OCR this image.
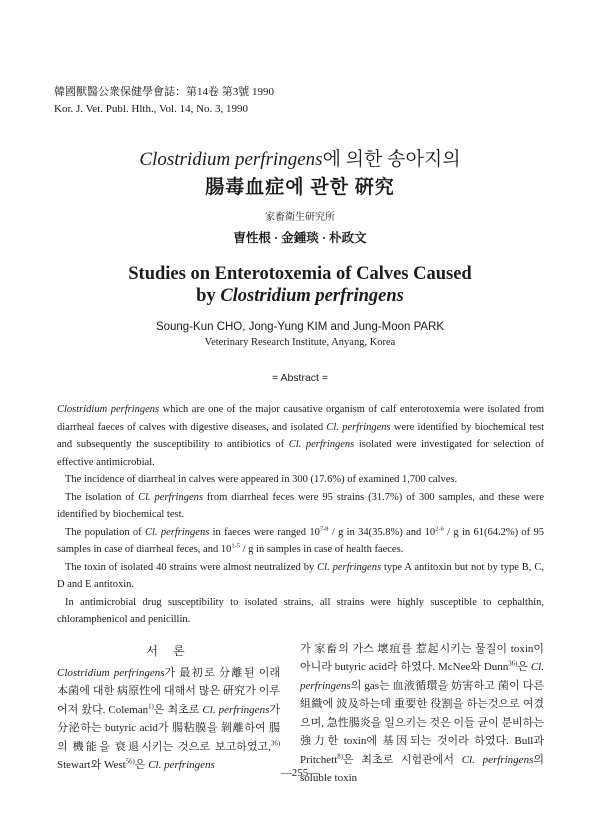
韓國獸醫公衆保健學會誌：第14卷 第3號 1990
Kor. J. Vet. Publ. Hlth., Vol. 14, No. 3, 1990
Clostridium perfringens에 의한 송아지의
腸毒血症에 관한 硏究
家畜衛生研究所
曺性根 · 金鍾琰 · 朴政文
Studies on Enterotoxemia of Calves Caused
by Clostridium perfringens
Soung-Kun CHO, Jong-Yung KIM and Jung-Moon PARK
Veterinary Research Institute, Anyang, Korea
= Abstract =

Clostridium perfringens which are one of the major causative organism of calf enterotoxemia were isolated from diarrheal faeces of calves with digestive diseases, and isolated Cl. perfringens were identified by biochemical test and subsequently the susceptibility to antibiotics of Cl. perfringens isolated were investigated for selection of effective antimicrobial.

The incidence of diarrheal in calves were appeared in 300 (17.6%) of examined 1,700 calves.

The isolation of Cl. perfringens from diarrheal feces were 95 strains (31.7%) of 300 samples, and these were identified by biochemical test.

The population of Cl. perfringens in faeces were ranged 10$^{7-8}$ / g in 34(35.8%) and 10$^{2-6}$ / g in 61(64.2%) of 95 samples in case of diarrheal feces, and 10$^{1-5}$ / g in samples in case of health faeces.

The toxin of isolated 40 strains were almost neutralized by Cl. perfringens type A antitoxin but not by type B, C, D and E antitoxin.

In antimicrobial drug susceptibility to isolated strains, all strains were highly susceptible to cephalthin, chloramphenicol and penicillin.

서 론

Clostridium perfringens가 最初로 分離된 이래 本菌에 대한 病原性에 대해서 많은 硏究가 이루어져 왔다. Coleman$^{1)}$은 최초로 Cl. perfringens가 分泌하는 butyric acid가 腸粘膜을 剝離하여 腸의 機能을 衰退시키는 것으로 보고하였고,$^{36)}$ Stewart와 West$^{56)}$은 Cl. perfringens

가 家畜의 가스 壞疽를 惹起시키는 물질이 toxin이 아니라 butyric acid라 하였다. McNee와 Dunn$^{36)}$은 Cl. perfringens의 gas는 血液循環을 妨害하고 菌이 다른 組織에 波及하는데 重要한 役割을 하는것으로 여겼으며, 急性腸炎을 일으키는 것은 이들 균이 분비하는 強力한 toxin에 基因되는 것이라 하였다. Bull과 Pritchett$^{8)}$은 최초로 시험관에서 Cl. perfringens의 soluble toxin

—255—
